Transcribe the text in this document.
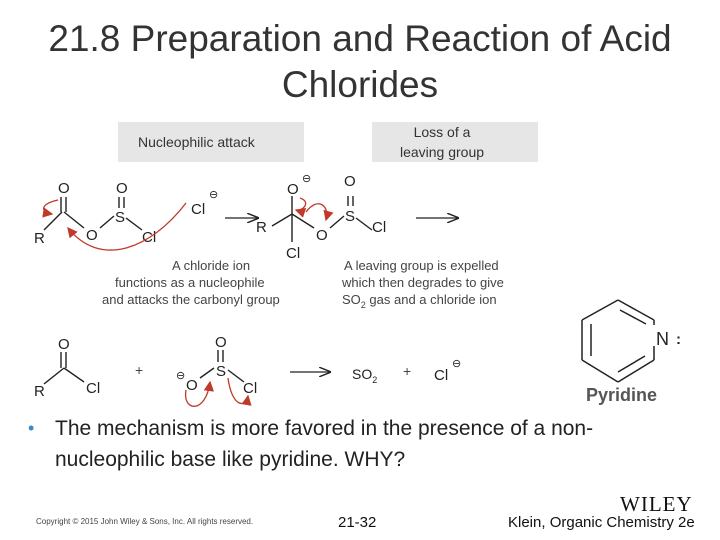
21.8 Preparation and Reaction of Acid
Chlorides
Nucleophilic attack
Loss of a
leaving group
R
O
O
S
O
Cl
Cl
⊖
R
O
⊖
Cl
O
S
O
Cl
A chloride ion
functions as a nucleophile
and attacks the carbonyl group
A leaving group is expelled
which then degrades to give
$SO_2$ gas and a chloride ion
R
O
Cl
+
O
⊖ S
O
Cl
$SO_2$
+ Cl
⊖
N :
Pyridine
• The mechanism is more favored in the presence of a non-nucleophilic base like pyridine. WHY?
Copyright © 2015 John Wiley & Sons, Inc. All rights reserved.	21-32
WILEY
Klein, Organic Chemistry 2e
